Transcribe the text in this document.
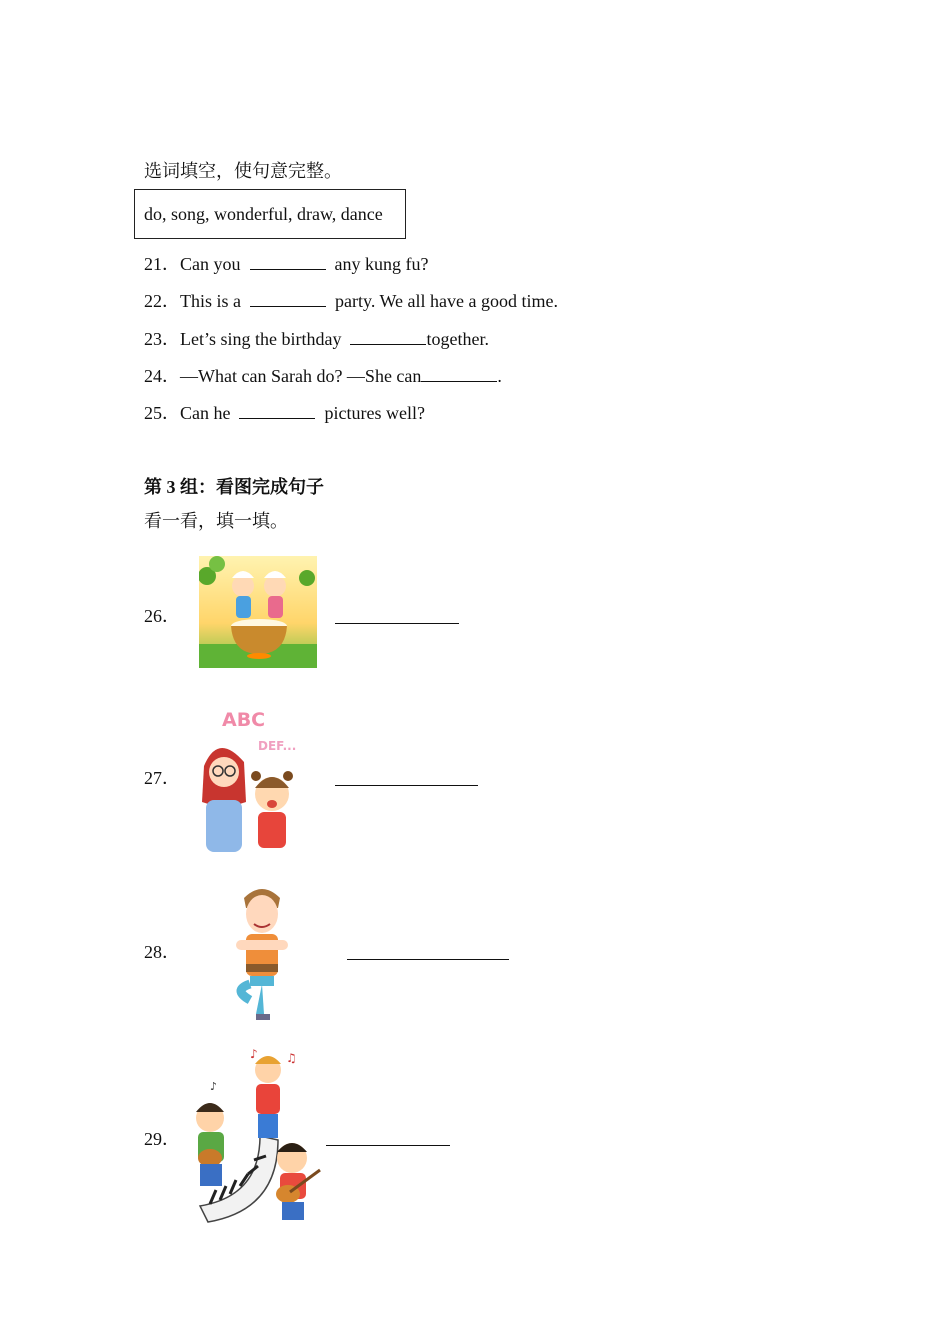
选词填空，使句意完整。
do, song, wonderful, draw, dance
21．Can you	any kung fu?
22．This is a	party. We all have a good time.
23．Let’s sing the birthday	together.
24．—What can Sarah do? —She can	.
25．Can he	pictures well?
第 3 组：看图完成句子
看一看，填一填。
26．
27．
ABC
DEF...
28．
29．
♪ ♫
♪
